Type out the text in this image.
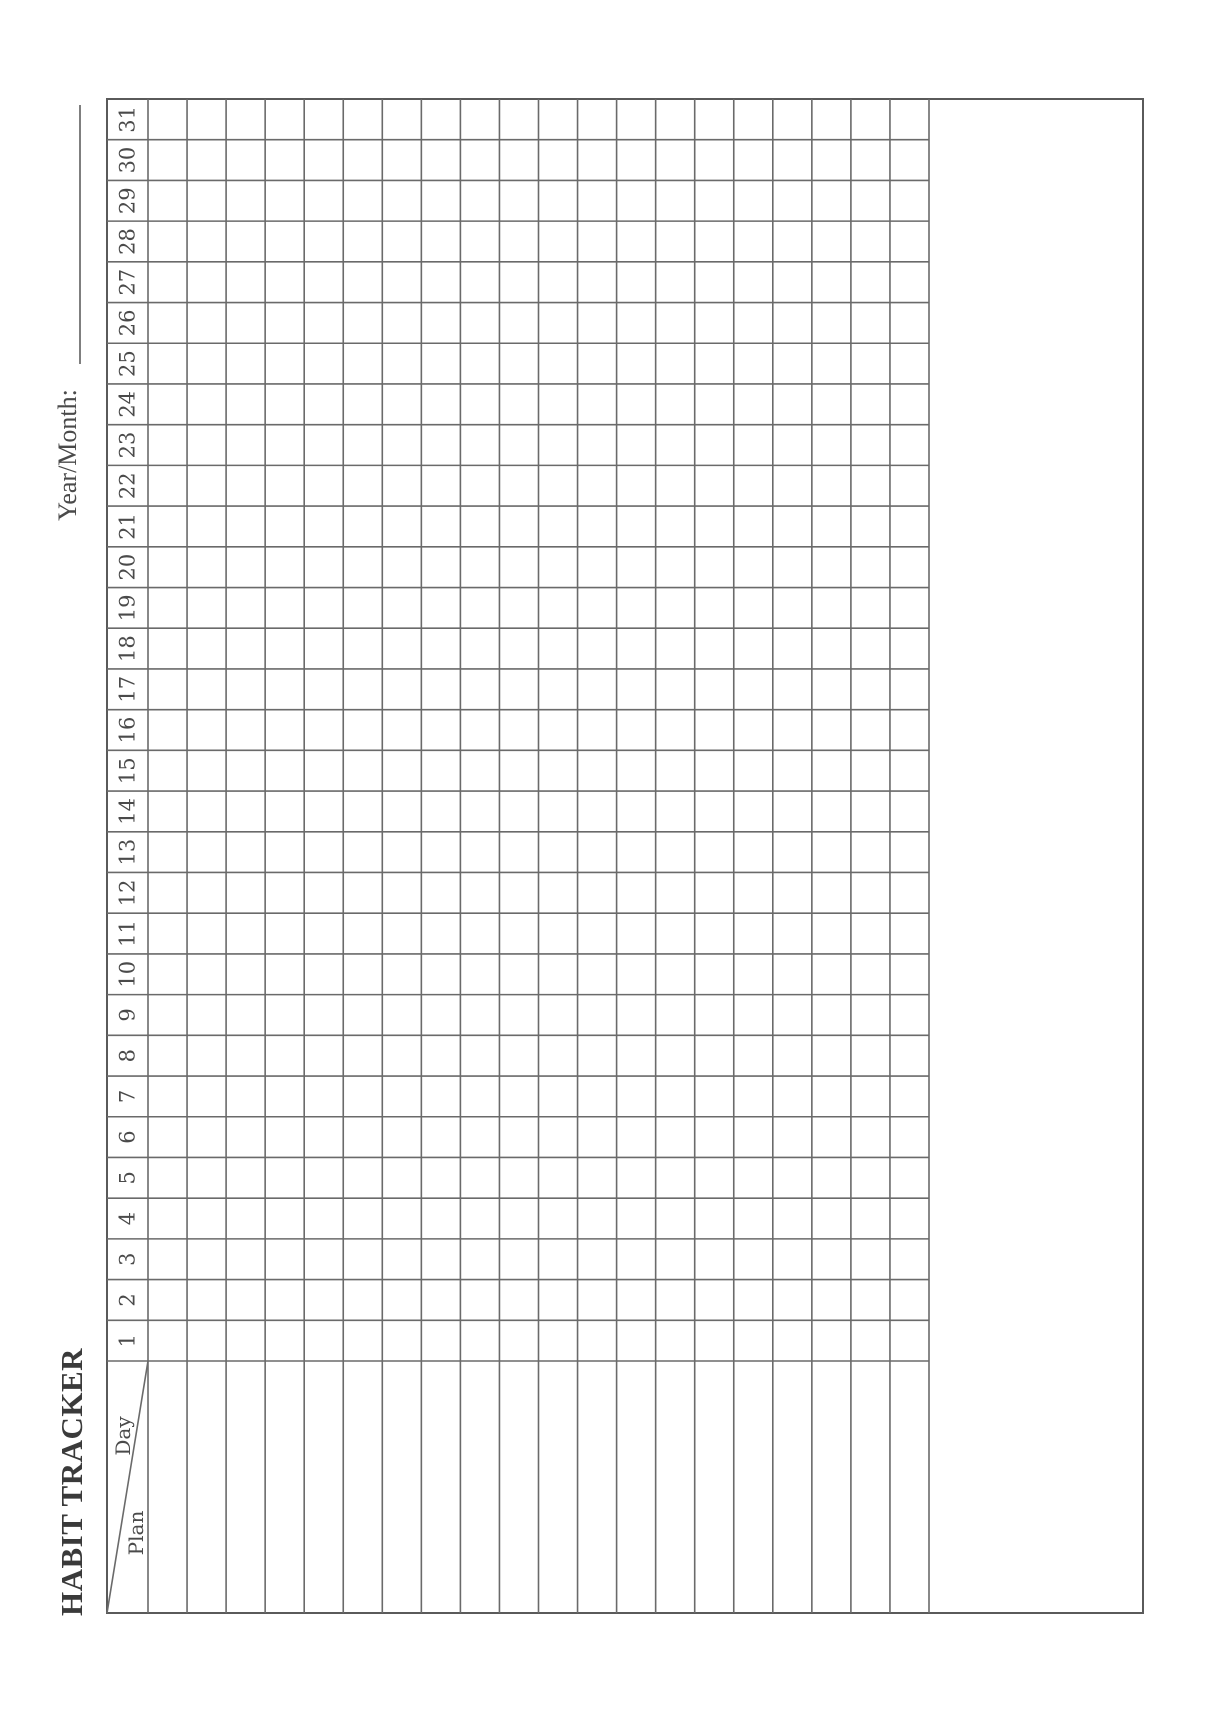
HABIT TRACKER
Year/Month:
Day
Plan
1
2
3
4
5
6
7
8
9
10
11
12
13
14
15
16
17
18
19
20
21
22
23
24
25
26
27
28
29
30
31
